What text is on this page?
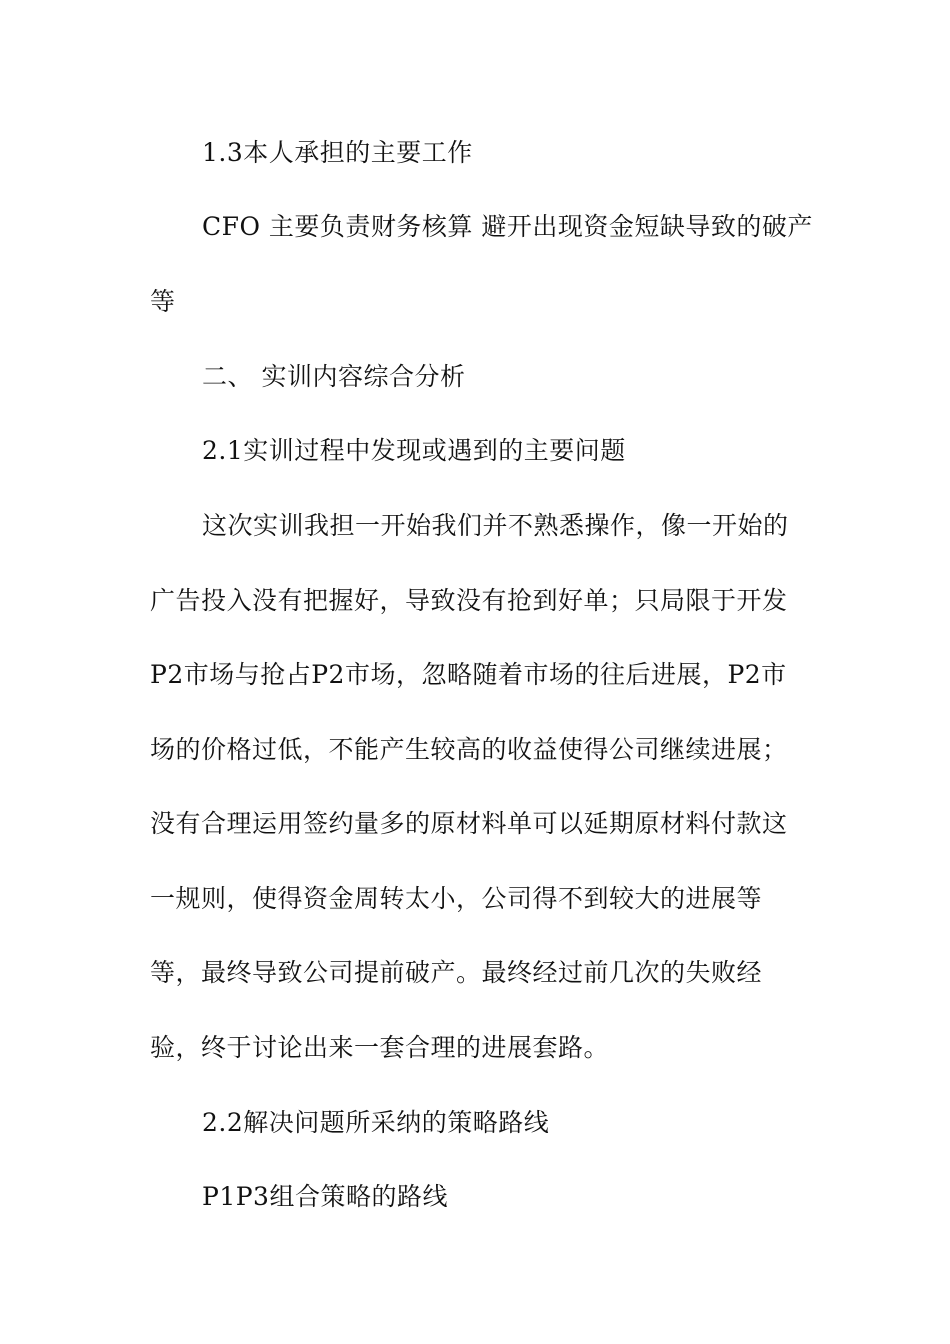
1.3本人承担的主要工作
CFO 主要负责财务核算 避开出现资金短缺导致的破产
等
二、 实训内容综合分析
2.1实训过程中发现或遇到的主要问题
这次实训我担一开始我们并不熟悉操作，像一开始的
广告投入没有把握好，导致没有抢到好单；只局限于开发
P2市场与抢占P2市场，忽略随着市场的往后进展，P2市
场的价格过低，不能产生较高的收益使得公司继续进展；
没有合理运用签约量多的原材料单可以延期原材料付款这
一规则，使得资金周转太小，公司得不到较大的进展等
等，最终导致公司提前破产。最终经过前几次的失败经
验，终于讨论出来一套合理的进展套路。
2.2解决问题所采纳的策略路线
P1P3组合策略的路线
